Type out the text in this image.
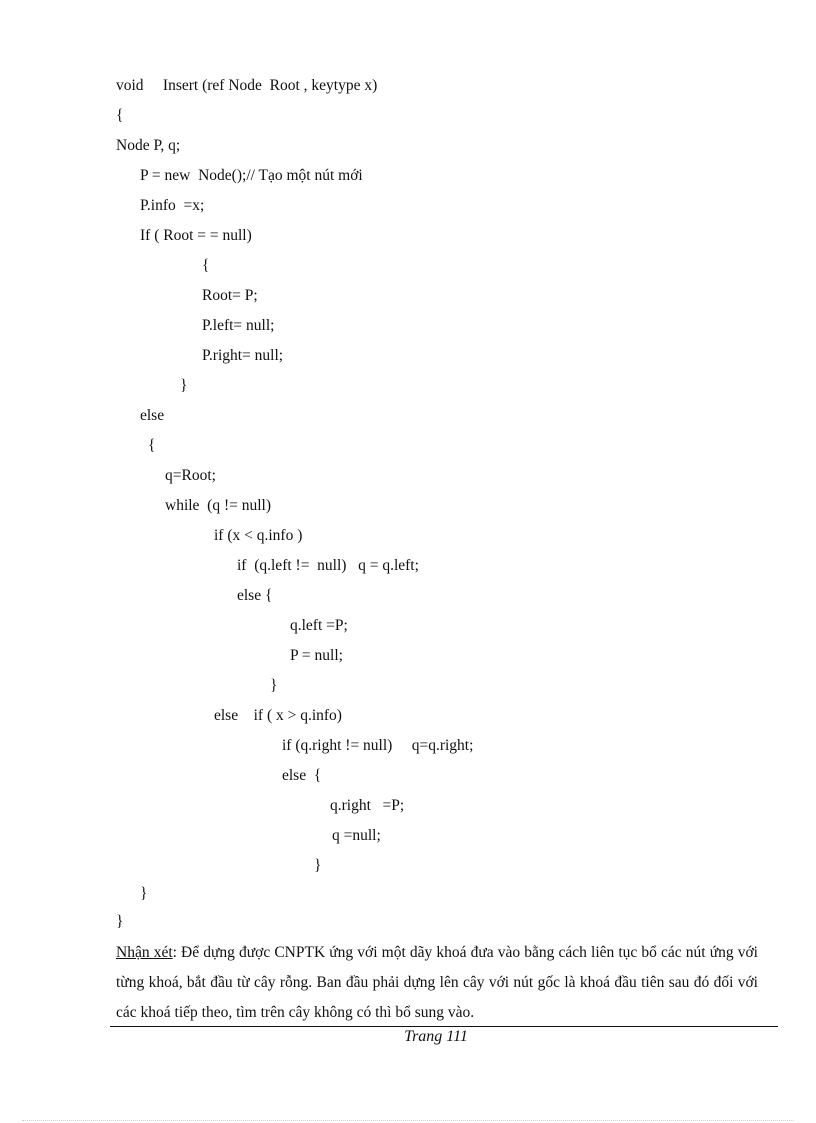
void     Insert (ref Node  Root , keytype x)
{
Node P, q;
P = new  Node();// Tạo một nút mới
P.info  =x;
If ( Root = = null)
{
Root= P;
P.left= null;
P.right= null;
}
else
{
q=Root;
while  (q != null)
if (x < q.info )
if  (q.left !=  null)   q = q.left;
else {
q.left =P;
P = null;
}
else    if ( x > q.info)
if (q.right != null)     q=q.right;
else  {
q.right   =P;
q =null;
}
}
}
Nhận xét: Để dựng được CNPTK ứng với một dãy khoá đưa vào bằng cách liên tục bổ các nút ứng với từng khoá, bắt đầu từ cây rỗng. Ban đầu phải dựng lên cây với nút gốc là khoá đầu tiên sau đó đối với các khoá tiếp theo, tìm trên cây không có thì bổ sung vào.
Trang 111
